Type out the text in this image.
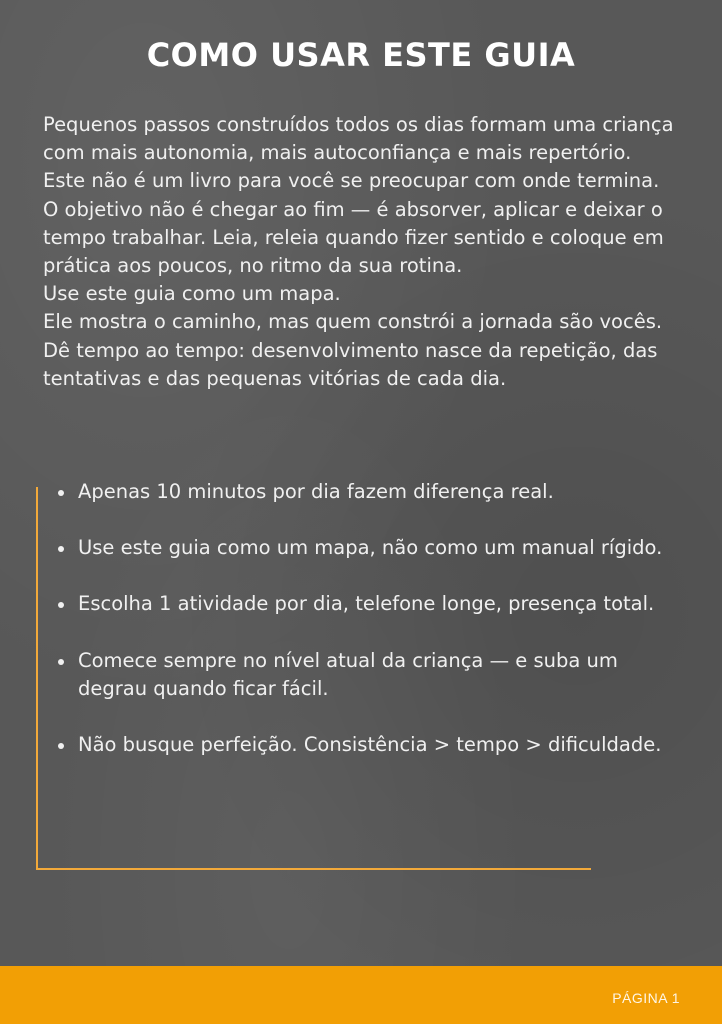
COMO USAR ESTE GUIA

Pequenos passos construídos todos os dias formam uma criança com mais autonomia, mais autoconfiança e mais repertório.

Este não é um livro para você se preocupar com onde termina.

O objetivo não é chegar ao fim — é absorver, aplicar e deixar o tempo trabalhar. Leia, releia quando fizer sentido e coloque em prática aos poucos, no ritmo da sua rotina.

Use este guia como um mapa.

Ele mostra o caminho, mas quem constrói a jornada são vocês. Dê tempo ao tempo: desenvolvimento nasce da repetição, das tentativas e das pequenas vitórias de cada dia.

Apenas 10 minutos por dia fazem diferença real.
Use este guia como um mapa, não como um manual rígido.
Escolha 1 atividade por dia, telefone longe, presença total.
Comece sempre no nível atual da criança — e suba um degrau quando ficar fácil.
Não busque perfeição. Consistência > tempo > dificuldade.
PÁGINA 1
